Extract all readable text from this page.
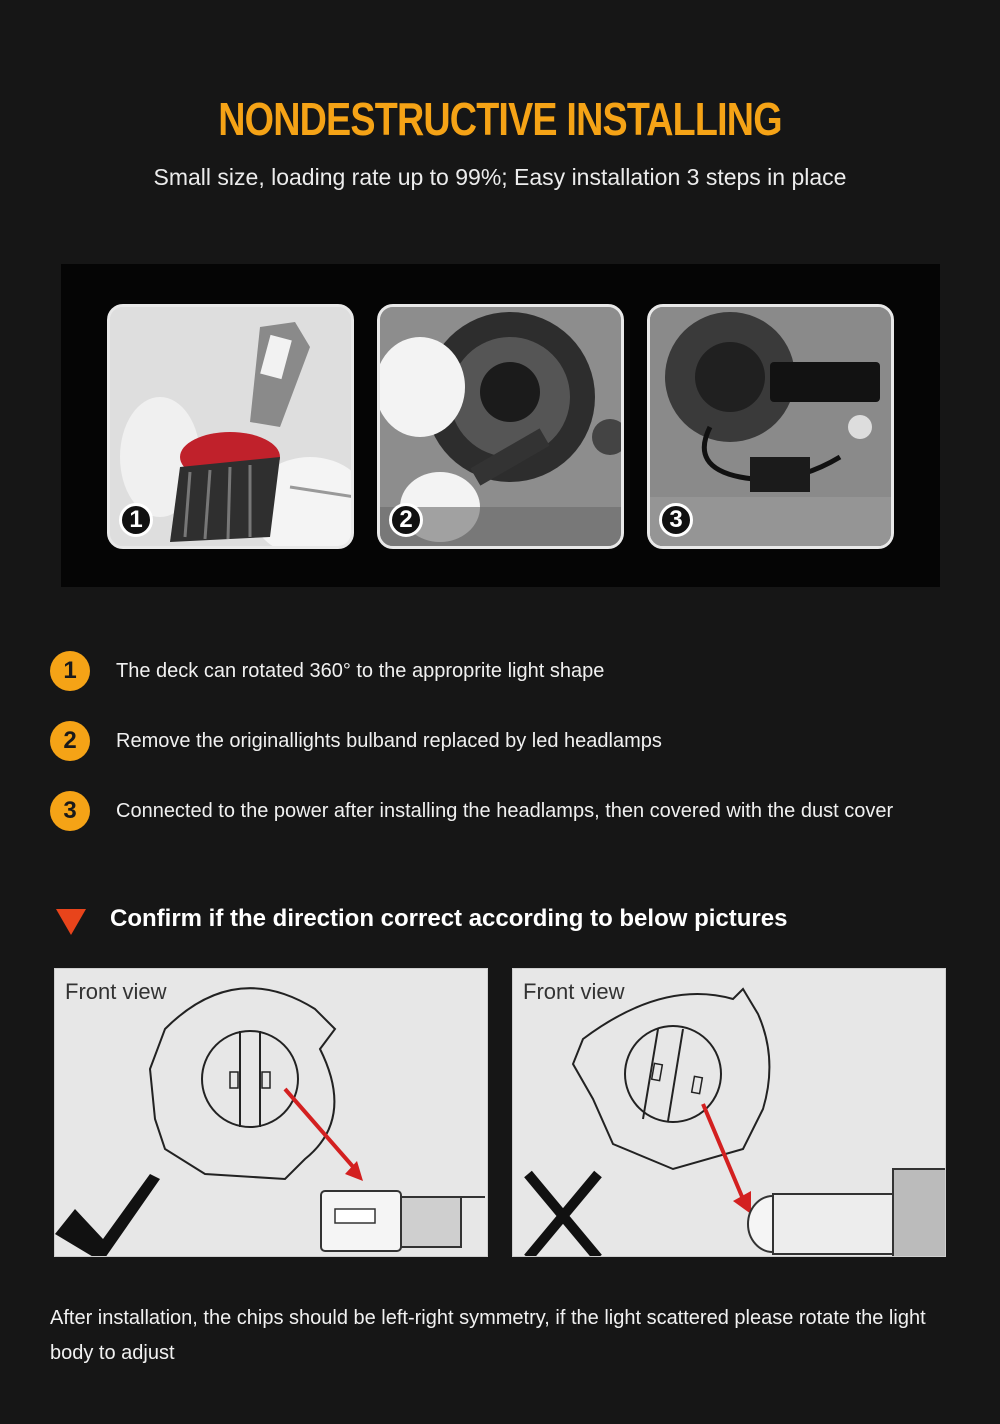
NONDESTRUCTIVE INSTALLING
Small size, loading rate up to 99%; Easy installation 3 steps in place
1	2	3
1	The deck can rotated 360° to the approprite light shape
2	Remove the originallights bulband replaced by led headlamps
3	Connected to the power after installing the headlamps, then covered with the dust cover
Confirm if the direction correct according to below pictures
Front view	Front view
After installation, the chips should be left-right symmetry, if the light scattered please rotate the light body to adjust
